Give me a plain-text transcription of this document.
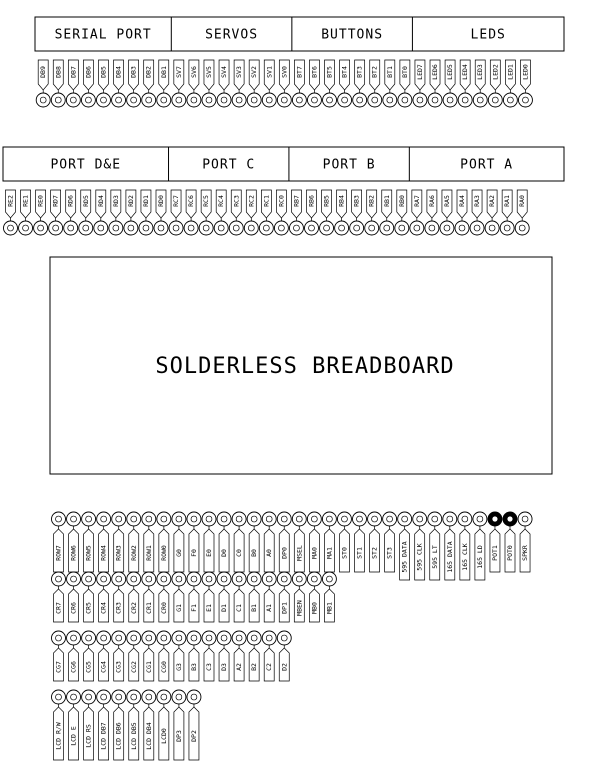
SOLDERLESS BREADBOARD
SERIAL PORT
DB9 DB8 DB7 DB6 DB5 DB4 DB3 DB2 DB1
SERVOS
SV7 SV6 SV5 SV4 SV3 SV2 SV1 SV0
BUTTONS
BT7 BT6 BT5 BT4 BT3 BT2 BT1 BT0
LEDS
LED7 LED6 LED5 LED4 LED3 LED2 LED1 LED0
PORT D&E
RE2 RE1 RE0 RD7 RD6 RD5 RD4 RD3 RD2 RD1 RD0
PORT C
RC7 RC6 RC5 RC4 RC3 RC2 RC1 RC0
PORT B
RB7 RB6 RB5 RB4 RB3 RB2 RB1 RB0
PORT A
RA7 RA6 RA5 RA4 RA3 RA2 RA1 RA0
ROW7 ROW6 ROW5 ROW4 ROW3 ROW2 ROW1 ROW0 G0 F0 E0 D0 C0 B0 A0 DP0 MSEL MA0 MA1 ST0 ST1 ST2 ST3 595 DATA 595 CLK 595 LT 165 DATA 165 CLK 165 LD POT1 POT0 SPKR
CR7 CR6 CR5 CR4 CR3 CR2 CR1 CR0 G1 F1 E1 D1 C1 B1 A1 DP1 MBEN MB0 MB1
CG7 CG6 CG5 CG4 CG3 CG2 CG1 CG0 G3 B3 C3 D3 A2 B2 C2 D2
LCD R/W LCD E LCD RS LCD DB7 LCD DB6 LCD DB5 LCD DB4 LCD0 DP3 DP2
